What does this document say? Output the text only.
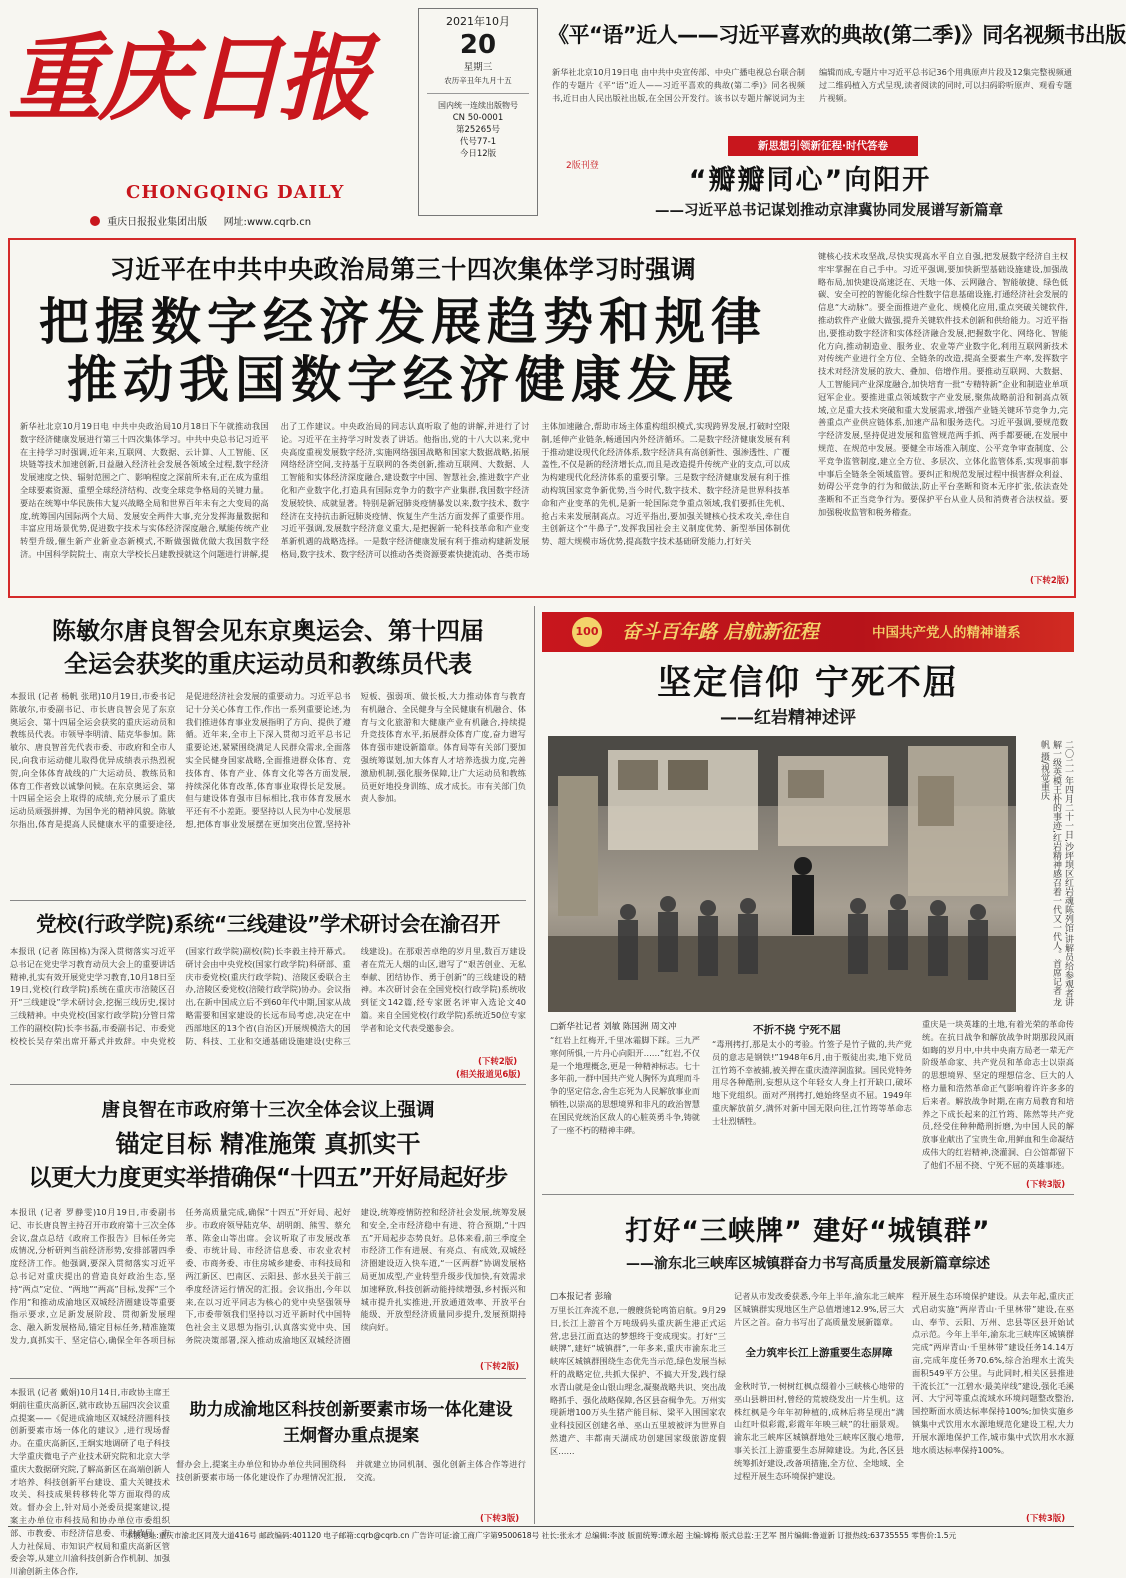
重庆日报
CHONGQING DAILY
重庆日报报业集团出版 网址:www.cqrb.cn
2021年10月
20
星期三
农历辛丑年九月十五
国内统一连续出版物号
CN 50-0001
第25265号
代号77-1
今日12版
《平“语”近人——习近平喜欢的典故(第二季)》同名视频书出版
新华社北京10月19日电 由中共中央宣传部、中央广播电视总台联合制作的专题片《平“语”近人——习近平喜欢的典故(第二季)》同名视频书,近日由人民出版社出版,在全国公开发行。该书以专题片解说词为主编辑而成,专题片中习近平总书记36个用典原声片段及12集完整视频通过二维码植入方式呈现,读者阅读的同时,可以扫码聆听原声、观看专题片视频。
新思想引领新征程·时代答卷
2版刊登	“瓣瓣同心”向阳开
——习近平总书记谋划推动京津冀协同发展谱写新篇章
习近平在中共中央政治局第三十四次集体学习时强调
把握数字经济发展趋势和规律
推动我国数字经济健康发展
新华社北京10月19日电 中共中央政治局10月18日下午就推动我国数字经济健康发展进行第三十四次集体学习。中共中央总书记习近平在主持学习时强调,近年来,互联网、大数据、云计算、人工智能、区块链等技术加速创新,日益融入经济社会发展各领域全过程,数字经济发展速度之快、辐射范围之广、影响程度之深前所未有,正在成为重组全球要素资源、重塑全球经济结构、改变全球竞争格局的关键力量。要站在统筹中华民族伟大复兴战略全局和世界百年未有之大变局的高度,统筹国内国际两个大局、发展安全两件大事,充分发挥海量数据和丰富应用场景优势,促进数字技术与实体经济深度融合,赋能传统产业转型升级,催生新产业新业态新模式,不断做强做优做大我国数字经济。中国科学院院士、南京大学校长吕建教授就这个问题进行讲解,提出了工作建议。中央政治局的同志认真听取了他的讲解,并进行了讨论。习近平在主持学习时发表了讲话。他指出,党的十八大以来,党中央高度重视发展数字经济,实施网络强国战略和国家大数据战略,拓展网络经济空间,支持基于互联网的各类创新,推动互联网、大数据、人工智能和实体经济深度融合,建设数字中国、智慧社会,推进数字产业化和产业数字化,打造具有国际竞争力的数字产业集群,我国数字经济发展较快、成就显著。特别是新冠肺炎疫情暴发以来,数字技术、数字经济在支持抗击新冠肺炎疫情、恢复生产生活方面发挥了重要作用。习近平强调,发展数字经济意义重大,是把握新一轮科技革命和产业变革新机遇的战略选择。一是数字经济健康发展有利于推动构建新发展格局,数字技术、数字经济可以推动各类资源要素快捷流动、各类市场主体加速融合,帮助市场主体重构组织模式,实现跨界发展,打破时空限制,延伸产业链条,畅通国内外经济循环。二是数字经济健康发展有利于推动建设现代化经济体系,数字经济具有高创新性、强渗透性、广覆盖性,不仅是新的经济增长点,而且是改造提升传统产业的支点,可以成为构建现代化经济体系的重要引擎。三是数字经济健康发展有利于推动构筑国家竞争新优势,当今时代,数字技术、数字经济是世界科技革命和产业变革的先机,是新一轮国际竞争重点领域,我们要抓住先机、抢占未来发展制高点。习近平指出,要加强关键核心技术攻关,牵住自主创新这个“牛鼻子”,发挥我国社会主义制度优势、新型举国体制优势、超大规模市场优势,提高数字技术基础研发能力,打好关
键核心技术攻坚战,尽快实现高水平自立自强,把发展数字经济自主权牢牢掌握在自己手中。习近平强调,要加快新型基础设施建设,加强战略布局,加快建设高速泛在、天地一体、云网融合、智能敏捷、绿色低碳、安全可控的智能化综合性数字信息基础设施,打通经济社会发展的信息“大动脉”。要全面推进产业化、规模化应用,重点突破关键软件,推动软件产业做大做强,提升关键软件技术创新和供给能力。习近平指出,要推动数字经济和实体经济融合发展,把握数字化、网络化、智能化方向,推动制造业、服务业、农业等产业数字化,利用互联网新技术对传统产业进行全方位、全链条的改造,提高全要素生产率,发挥数字技术对经济发展的放大、叠加、倍增作用。要推动互联网、大数据、人工智能同产业深度融合,加快培育一批“专精特新”企业和制造业单项冠军企业。要推进重点领域数字产业发展,聚焦战略前沿和制高点领域,立足重大技术突破和重大发展需求,增强产业链关键环节竞争力,完善重点产业供应链体系,加速产品和服务迭代。习近平强调,要规范数字经济发展,坚持促进发展和监管规范两手抓、两手都要硬,在发展中规范、在规范中发展。要健全市场准入制度、公平竞争审查制度、公平竞争监管制度,建立全方位、多层次、立体化监管体系,实现事前事中事后全链条全领域监管。要纠正和规范发展过程中损害群众利益、妨碍公平竞争的行为和做法,防止平台垄断和资本无序扩张,依法查处垄断和不正当竞争行为。要保护平台从业人员和消费者合法权益。要加强税收监管和税务稽查。
(下转2版)
陈敏尔唐良智会见东京奥运会、第十四届
全运会获奖的重庆运动员和教练员代表
本报讯 (记者 杨帆 张珺)10月19日,市委书记陈敏尔,市委副书记、市长唐良智会见了东京奥运会、第十四届全运会获奖的重庆运动员和教练员代表。市领导李明清、陆克华参加。陈敏尔、唐良智首先代表市委、市政府和全市人民,向我市运动健儿取得优异成绩表示热烈祝贺,向全体体育战线的广大运动员、教练员和体育工作者致以诚挚问候。在东京奥运会、第十四届全运会上取得的成绩,充分展示了重庆运动员顽强拼搏、为国争光的精神风貌。陈敏尔指出,体育是提高人民健康水平的重要途径,是促进经济社会发展的重要动力。习近平总书记十分关心体育工作,作出一系列重要论述,为我们推进体育事业发展指明了方向、提供了遵循。近年来,全市上下深入贯彻习近平总书记重要论述,紧紧围绕满足人民群众需求,全面落实全民健身国家战略,全面推进群众体育、竞技体育、体育产业、体育文化等各方面发展,持续深化体育改革,体育事业取得长足发展。但与建设体育强市目标相比,我市体育发展水平还有不小差距。要坚持以人民为中心发展思想,把体育事业发展摆在更加突出位置,坚持补短板、强弱项、做长板,大力推动体育与教育有机融合、全民健身与全民健康有机融合、体育与文化旅游和大健康产业有机融合,持续提升竞技体育水平,拓展群众体育广度,奋力谱写体育强市建设新篇章。体育局等有关部门要加强统筹谋划,加大体育人才培养选拔力度,完善激励机制,强化服务保障,让广大运动员和教练员更好地投身训练、成才成长。市有关部门负责人参加。
党校(行政学院)系统“三线建设”学术研讨会在渝召开
本报讯 (记者 陈国栋)为深入贯彻落实习近平总书记在党史学习教育动员大会上的重要讲话精神,扎实有效开展党史学习教育,10月18日至19日,党校(行政学院)系统在重庆市涪陵区召开“三线建设”学术研讨会,挖掘三线历史,探讨三线精神。中央党校(国家行政学院)分管日常工作的副校(院)长李书磊,市委副书记、市委党校校长吴存荣出席开幕式并致辞。中央党校(国家行政学院)副校(院)长李毅主持开幕式。研讨会由中央党校(国家行政学院)科研部、重庆市委党校(重庆行政学院)、涪陵区委联合主办,涪陵区委党校(涪陵行政学院)协办。会议指出,在新中国成立后不到60年代中期,国家从战略需要和国家建设的长远布局考虑,决定在中西部地区的13个省(自治区)开展规模浩大的国防、科技、工业和交通基础设施建设(史称三线建设)。在那艰苦卓绝的岁月里,数百万建设者在荒无人烟的山区,谱写了“艰苦创业、无私奉献、团结协作、勇于创新”的三线建设的精神。本次研讨会在全国党校(行政学院)系统收到征文142篇,经专家匿名评审入选论文40篇。来自全国党校(行政学院)系统近50位专家学者和论文代表受邀参会。
(下转2版)
(相关报道见6版)
唐良智在市政府第十三次全体会议上强调
锚定目标 精准施策 真抓实干
以更大力度更实举措确保“十四五”开好局起好步
本报讯 (记者 罗静雯)10月19日,市委副书记、市长唐良智主持召开市政府第十三次全体会议,盘点总结《政府工作报告》目标任务完成情况,分析研判当前经济形势,安排部署四季度经济工作。他强调,要深入贯彻落实习近平总书记对重庆提出的营造良好政治生态,坚持“两点”定位、“两地”“两高”目标,发挥“三个作用”和推动成渝地区双城经济圈建设等重要指示要求,立足新发展阶段、贯彻新发展理念、融入新发展格局,锚定目标任务,精准施策发力,真抓实干、坚定信心,确保全年各项目标任务高质量完成,确保“十四五”开好局、起好步。市政府领导陆克华、胡明朗、熊雪、蔡允革、陈金山等出席。会议听取了市发展改革委、市统计局、市经济信息委、市农业农村委、市商务委、市住房城乡建委、市科技局和两江新区、巴南区、云阳县、彭水县关于前三季度经济运行情况的汇报。会议指出,今年以来,在以习近平同志为核心的党中央坚强领导下,市委带领我们坚持以习近平新时代中国特色社会主义思想为指引,认真落实党中央、国务院决策部署,深入推动成渝地区双城经济圈建设,统筹疫情防控和经济社会发展,统筹发展和安全,全市经济稳中有进、符合预期,“十四五”开局起步态势良好。总体来看,前三季度全市经济工作有进展、有亮点、有成效,双城经济圈建设迈入快车道,“一区两群”协调发展格局更加成型,产业转型升级步伐加快,有效需求加速释放,科技创新动能持续增强,乡村振兴和城市提升扎实推进,开放通道效率、开放平台能级、开放型经济质量同步提升,发展预期持续向好。
(下转2版)
本报讯 (记者 戴娟)10月14日,市政协主席王炯前往重庆高新区,就市政协五届四次会议重点提案——《促进成渝地区双城经济圈科技创新要素市场一体化的建议》,进行现场督办。在重庆高新区,王炯实地调研了电子科技大学重庆微电子产业技术研究院和北京大学重庆大数据研究院,了解高新区在高端创新人才培养、科技创新平台建设、重大关键技术攻关、科技成果转移转化等方面取得的成效。督办会上,针对局小尧委员提案建议,提案主办单位市科技局和协办单位市委组织部、市教委、市经济信息委、市财政局、市人力社保局、市知识产权局和重庆高新区管委会等,从建立川渝科技创新合作机制、加强川渝创新主体合作,
助力成渝地区科技创新要素市场一体化建设
王炯督办重点提案
督办会上,提案主办单位和协办单位共同围绕科技创新要素市场一体化建设作了办理情况汇报,并就建立协同机制、强化创新主体合作等进行交流。
(下转3版)
100 奋斗百年路 启航新征程	中国共产党人的精神谱系
坚定信仰 宁死不屈
——红岩精神述评
二〇二一年四月二十一日,沙坪坝区红岩魂陈列馆,讲解员给参观者讲解一级英模王朴的事迹,红岩精神感召着一代又一代人。首席记者 龙帆 摄/视觉重庆
□新华社记者 刘敏 陈国洲 周文冲
“红岩上红梅开,千里冰霜脚下踩。三九严寒何所惧,一片丹心向阳开……”红岩,不仅是一个地理概念,更是一种精神标志。七十多年前,一群中国共产党人胸怀为真理而斗争的坚定信念,舍生忘死为人民解放事业而牺牲,以崇高的思想境界和非凡的政治智慧在国民党统治区敌人的心脏英勇斗争,铸就了一座不朽的精神丰碑。
不折不挠 宁死不屈
“毒刑拷打,那是太小的考验。竹签子是竹子做的,共产党员的意志是钢铁!”1948年6月,由于叛徒出卖,地下党员江竹筠不幸被捕,被关押在重庆渣滓洞监狱。国民党特务用尽各种酷刑,妄想从这个年轻女人身上打开缺口,破坏地下党组织。面对严刑拷打,她始终坚贞不屈。1949年重庆解放前夕,满怀对新中国无限向往,江竹筠等革命志士壮烈牺牲。
重庆是一块英雄的土地,有着光荣的革命传统。在抗日战争和解放战争时期那段风雨如晦的岁月中,中共中央南方局老一辈无产阶级革命家、共产党员和革命志士以崇高的思想境界、坚定的理想信念、巨大的人格力量和浩然革命正气影响着许许多多的后来者。解放战争时期,在南方局教育和培养之下成长起来的江竹筠、陈然等共产党员,经受住种种酷刑折磨,为中国人民的解放事业献出了宝贵生命,用鲜血和生命凝结成伟大的红岩精神,浇灌洞、白公馆都留下了他们不屈不挠、宁死不屈的英雄事迹。
(下转3版)
打好“三峡牌” 建好“城镇群”
——渝东北三峡库区城镇群奋力书写高质量发展新篇章综述
□本报记者 彭瑜
万里长江奔流不息,一艘艘货轮鸣笛启航。9月29日,长江上游首个万吨级码头重庆新生港正式运营,忠县江面直达的梦想终于变成现实。打好“三峡牌”,建好“城镇群”,一年多来,重庆市渝东北三峡库区城镇群围绕生态优先当示范,绿色发展当标杆的战略定位,共抓大保护、不搞大开发,践行绿水青山就是金山银山理念,凝聚战略共识、突出战略抓手、强化战略保障,各区县奋楫争先。万州实现新增100万头生猪产能目标、梁平入围国家农业科技园区创建名单、巫山五里坡被评为世界自然遗产、丰都南天湖成功创建国家级旅游度假区……
记者从市发改委获悉,今年上半年,渝东北三峡库区城镇群实现地区生产总值增速12.9%,居三大片区之首。奋力书写出了高质量发展新篇章。
全力筑牢长江上游重要生态屏障
金秋时节,一树树红枫点缀着小三峡核心地带的巫山县耕田村,曾经的荒坡绕发出一片生机。这株红枫是今年年初种植的,成林后将呈现出“满山红叶似彩霞,彩霞年年映三峡”的壮丽景观。渝东北三峡库区城镇群地处三峡库区腹心地带,事关长江上游重要生态屏障建设。为此,各区县统筹抓好建设,改备项措施,全方位、全地域、全过程开展生态环境保护建设。
程开展生态环境保护建设。从去年起,重庆正式启动实施“两岸青山·千里林带”建设,在巫山、奉节、云阳、万州、忠县等区县开始试点示范。今年上半年,渝东北三峡库区城镇群完成“两岸青山·千里林带”建设任务14.14万亩,完成年度任务70.6%,综合治理水土流失面积549平方公里。与此同时,相关区县推进干流长江“一江碧水·最美岸线”建设,强化毛溪河、大宁河等重点流域水环境问题整改整治,国控断面水质达标率保持100%;加快实施乡镇集中式饮用水水源地规范化建设工程,大力开展水源地保护工作,城市集中式饮用水水源地水质达标率保持100%。
(下转3版)
本报地址:重庆市渝北区同茂大道416号 邮政编码:401120 电子邮箱:cqrb@cqrb.cn 广告许可证:渝工商广字第9500618号 社长:张永才 总编辑:李波 版面统筹:谭永超 主编:嫦梅 版式总监:王艺军 图片编辑:鲁道新 订报热线:63735555 零售价:1.5元
